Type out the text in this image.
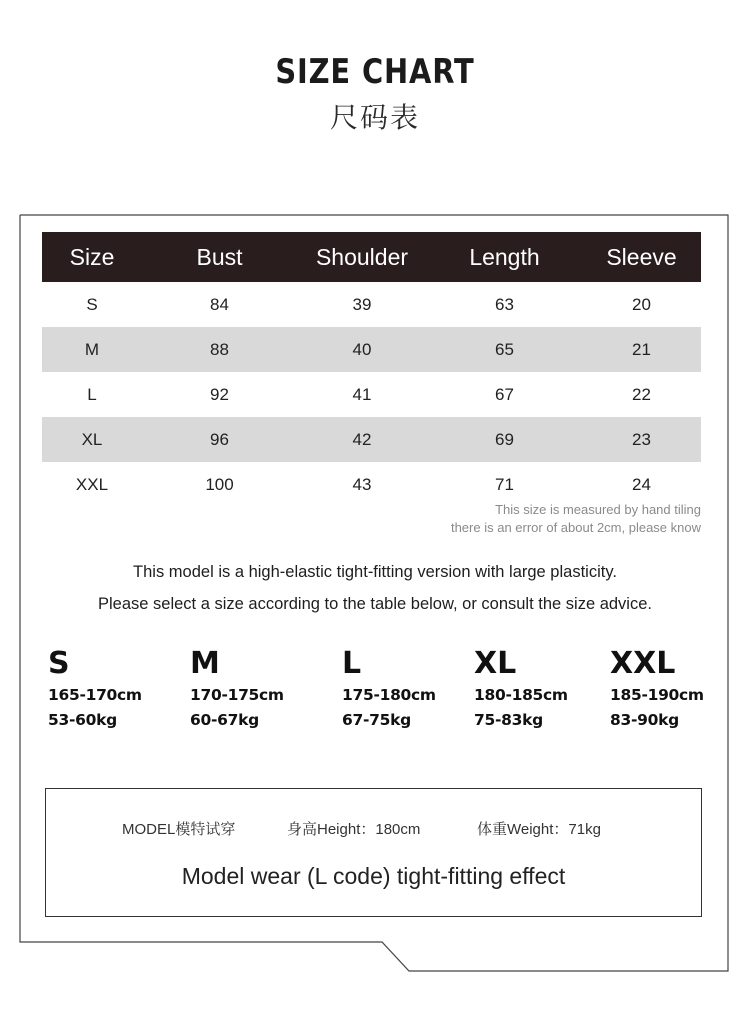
SIZE CHART
尺码表
Size	Bust	Shoulder	Length	Sleeve
S	84	39	63	20
M	88	40	65	21
L	92	41	67	22
XL	96	42	69	23
XXL	100	43	71	24
This size is measured by hand tiling
there is an error of about 2cm, please know
This model is a high-elastic tight-fitting version with large plasticity.
Please select a size according to the table below, or consult the size advice.
S
165-170cm
53-60kg
M
170-175cm
60-67kg
L
175-180cm
67-75kg
XL
180-185cm
75-83kg
XXL
185-190cm
83-90kg
MODEL模特试穿	身高Height：180cm	体重Weight：71kg
Model wear (L code) tight-fitting effect
